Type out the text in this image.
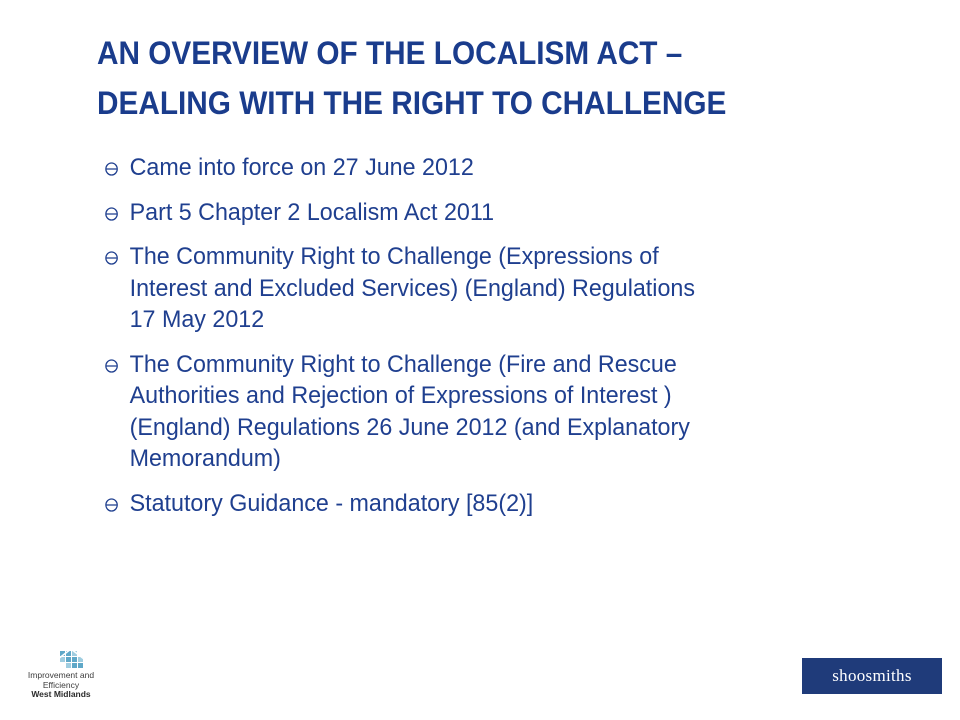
AN OVERVIEW OF THE LOCALISM ACT –
DEALING WITH THE RIGHT TO CHALLENGE
Came into force on 27 June 2012
Part 5 Chapter 2 Localism Act 2011
The Community Right to Challenge (Expressions of
Interest and Excluded Services) (England) Regulations
17 May 2012
The Community Right to Challenge (Fire and Rescue
Authorities and Rejection of Expressions of Interest )
(England) Regulations 26 June 2012 (and Explanatory
Memorandum)
Statutory Guidance - mandatory [85(2)]
Improvement and
Efficiency
West Midlands
shoosmiths
